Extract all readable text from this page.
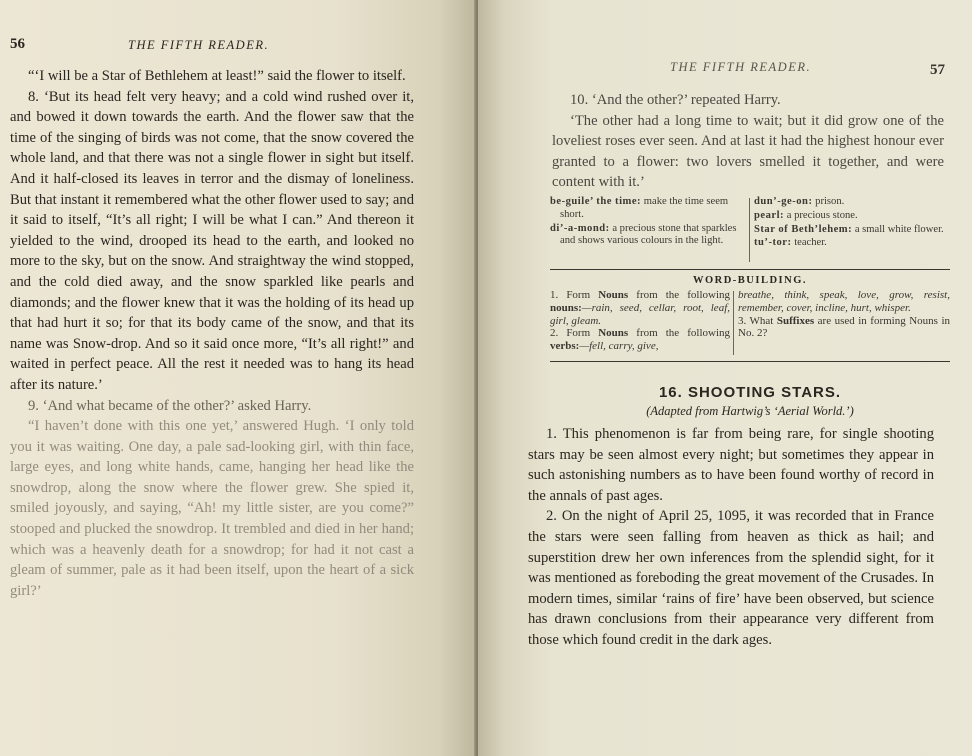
56	THE FIFTH READER.

“‘I will be a Star of Bethlehem at least!” said the flower to itself.

8. ‘But its head felt very heavy; and a cold wind rushed over it, and bowed it down towards the earth. And the flower saw that the time of the singing of birds was not come, that the snow covered the whole land, and that there was not a single flower in sight but itself. And it half-closed its leaves in terror and the dismay of loneliness. But that instant it remembered what the other flower used to say; and it said to itself, “It’s all right; I will be what I can.” And thereon it yielded to the wind, drooped its head to the earth, and looked no more to the sky, but on the snow. And straightway the wind stopped, and the cold died away, and the snow sparkled like pearls and diamonds; and the flower knew that it was the holding of its head up that had hurt it so; for that its body came of the snow, and that its name was Snow-drop. And so it said once more, “It’s all right!” and waited in perfect peace. All the rest it needed was to hang its head after its nature.’

9. ‘And what became of the other?’ asked Harry.

“I haven’t done with this one yet,’ answered Hugh. ‘I only told you it was waiting. One day, a pale sad-looking girl, with thin face, large eyes, and long white hands, came, hanging her head like the snowdrop, along the snow where the flower grew. She spied it, smiled joyously, and saying, “Ah! my little sister, are you come?” stooped and plucked the snowdrop. It trembled and died in her hand; which was a heavenly death for a snowdrop; for had it not cast a gleam of summer, pale as it had been itself, upon the heart of a sick girl?’

THE FIFTH READER.	57

10. ‘And the other?’ repeated Harry.

‘The other had a long time to wait; but it did grow one of the loveliest roses ever seen. And at last it had the highest honour ever granted to a flower: two lovers smelled it together, and were content with it.’

be-guile’ the time: make the time seem short.
di’-a-mond: a precious stone that sparkles and shows various colours in the light.
dun’-ge-on: prison.
pearl: a precious stone.
Star of Beth’lehem: a small white flower.
tu’-tor: teacher.
WORD-BUILDING.
1. Form Nouns from the following nouns:—rain, seed, cellar, root, leaf, girl, gleam.
2. Form Nouns from the following verbs:—fell, carry, give,
breathe, think, speak, love, grow, resist, remember, cover, incline, hurt, whisper.
3. What Suffixes are used in forming Nouns in No. 2?
16. SHOOTING STARS.
(Adapted from Hartwig’s ‘Aerial World.’)

1. This phenomenon is far from being rare, for single shooting stars may be seen almost every night; but sometimes they appear in such astonishing numbers as to have been found worthy of record in the annals of past ages.

2. On the night of April 25, 1095, it was recorded that in France the stars were seen falling from heaven as thick as hail; and superstition drew her own inferences from the splendid sight, for it was mentioned as foreboding the great movement of the Crusades. In modern times, similar ‘rains of fire’ have been observed, but science has drawn conclusions from their appearance very different from those which found credit in the dark ages.
